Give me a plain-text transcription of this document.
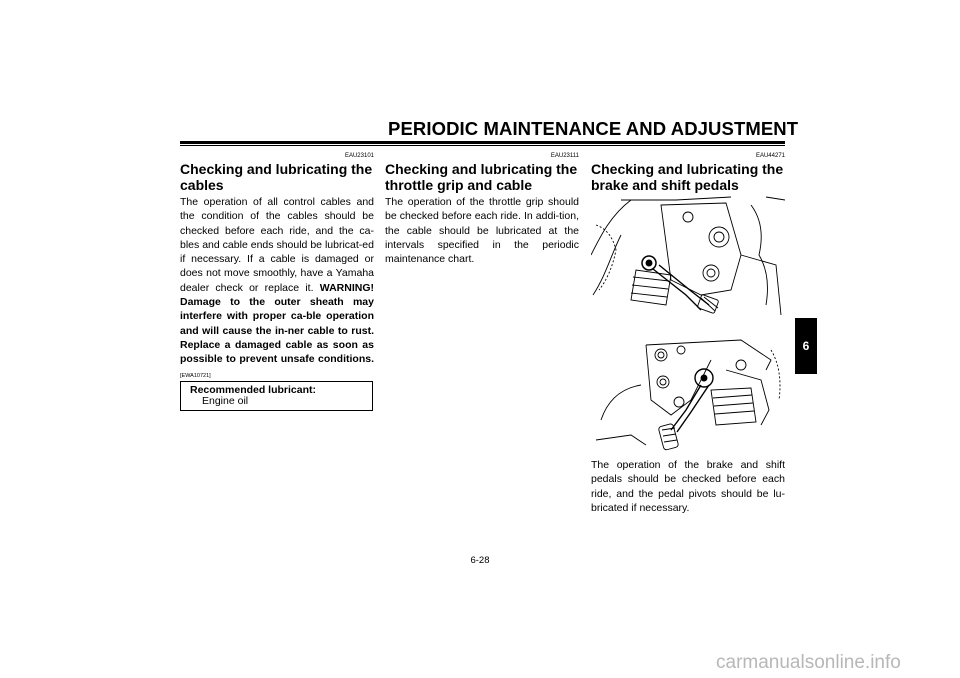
PERIODIC MAINTENANCE AND ADJUSTMENT
EAU23101
Checking and lubricating the cables
The operation of all control cables and the condition of the cables should be checked before each ride, and the ca-bles and cable ends should be lubricat-ed if necessary. If a cable is damaged or does not move smoothly, have a Yamaha dealer check or replace it. WARNING! Damage to the outer sheath may interfere with proper ca-ble operation and will cause the in-ner cable to rust. Replace a damaged cable as soon as possible to prevent unsafe conditions. [EWA10721]
Recommended lubricant:
Engine oil
EAU23111
Checking and lubricating the throttle grip and cable
The operation of the throttle grip should be checked before each ride. In addi-tion, the cable should be lubricated at the intervals specified in the periodic maintenance chart.
EAU44271
Checking and lubricating the brake and shift pedals
The operation of the brake and shift pedals should be checked before each ride, and the pedal pivots should be lu-bricated if necessary.
6
6-28
carmanualsonline.info
